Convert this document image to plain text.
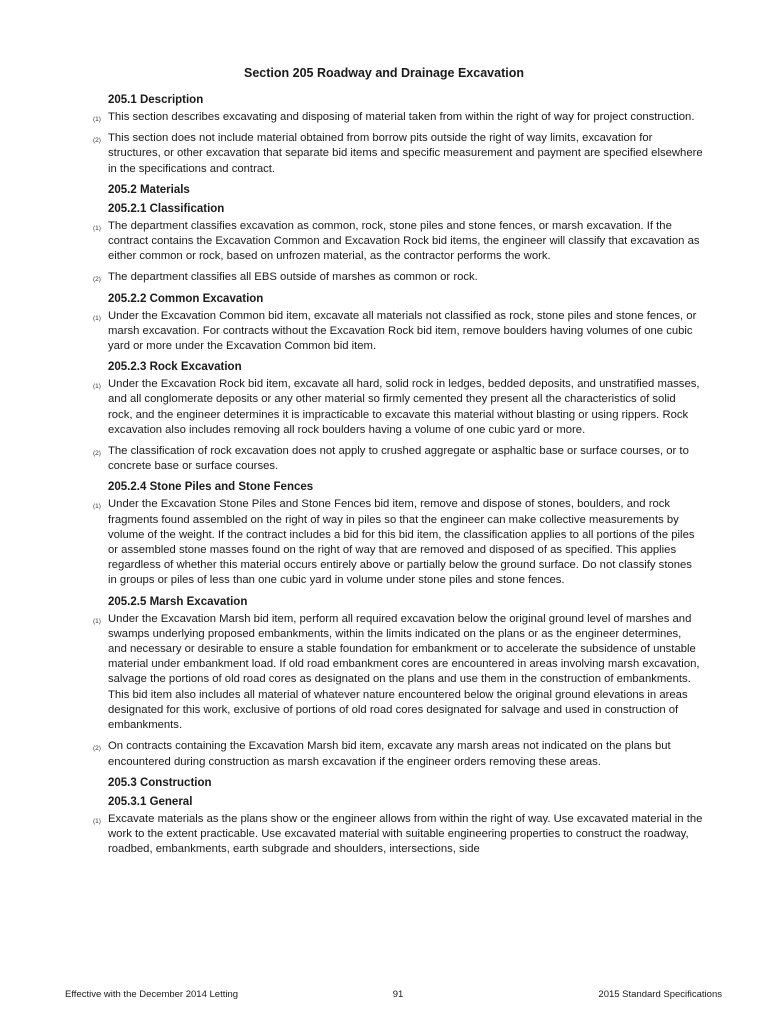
Section 205 Roadway and Drainage Excavation
205.1 Description
(1) This section describes excavating and disposing of material taken from within the right of way for project construction.
(2) This section does not include material obtained from borrow pits outside the right of way limits, excavation for structures, or other excavation that separate bid items and specific measurement and payment are specified elsewhere in the specifications and contract.
205.2 Materials
205.2.1 Classification
(1) The department classifies excavation as common, rock, stone piles and stone fences, or marsh excavation. If the contract contains the Excavation Common and Excavation Rock bid items, the engineer will classify that excavation as either common or rock, based on unfrozen material, as the contractor performs the work.
(2) The department classifies all EBS outside of marshes as common or rock.
205.2.2 Common Excavation
(1) Under the Excavation Common bid item, excavate all materials not classified as rock, stone piles and stone fences, or marsh excavation. For contracts without the Excavation Rock bid item, remove boulders having volumes of one cubic yard or more under the Excavation Common bid item.
205.2.3 Rock Excavation
(1) Under the Excavation Rock bid item, excavate all hard, solid rock in ledges, bedded deposits, and unstratified masses, and all conglomerate deposits or any other material so firmly cemented they present all the characteristics of solid rock, and the engineer determines it is impracticable to excavate this material without blasting or using rippers. Rock excavation also includes removing all rock boulders having a volume of one cubic yard or more.
(2) The classification of rock excavation does not apply to crushed aggregate or asphaltic base or surface courses, or to concrete base or surface courses.
205.2.4 Stone Piles and Stone Fences
(1) Under the Excavation Stone Piles and Stone Fences bid item, remove and dispose of stones, boulders, and rock fragments found assembled on the right of way in piles so that the engineer can make collective measurements by volume of the weight. If the contract includes a bid for this bid item, the classification applies to all portions of the piles or assembled stone masses found on the right of way that are removed and disposed of as specified. This applies regardless of whether this material occurs entirely above or partially below the ground surface. Do not classify stones in groups or piles of less than one cubic yard in volume under stone piles and stone fences.
205.2.5 Marsh Excavation
(1) Under the Excavation Marsh bid item, perform all required excavation below the original ground level of marshes and swamps underlying proposed embankments, within the limits indicated on the plans or as the engineer determines, and necessary or desirable to ensure a stable foundation for embankment or to accelerate the subsidence of unstable material under embankment load. If old road embankment cores are encountered in areas involving marsh excavation, salvage the portions of old road cores as designated on the plans and use them in the construction of embankments. This bid item also includes all material of whatever nature encountered below the original ground elevations in areas designated for this work, exclusive of portions of old road cores designated for salvage and used in construction of embankments.
(2) On contracts containing the Excavation Marsh bid item, excavate any marsh areas not indicated on the plans but encountered during construction as marsh excavation if the engineer orders removing these areas.
205.3 Construction
205.3.1 General
(1) Excavate materials as the plans show or the engineer allows from within the right of way. Use excavated material in the work to the extent practicable. Use excavated material with suitable engineering properties to construct the roadway, roadbed, embankments, earth subgrade and shoulders, intersections, side
Effective with the December 2014 Letting	91	2015 Standard Specifications
